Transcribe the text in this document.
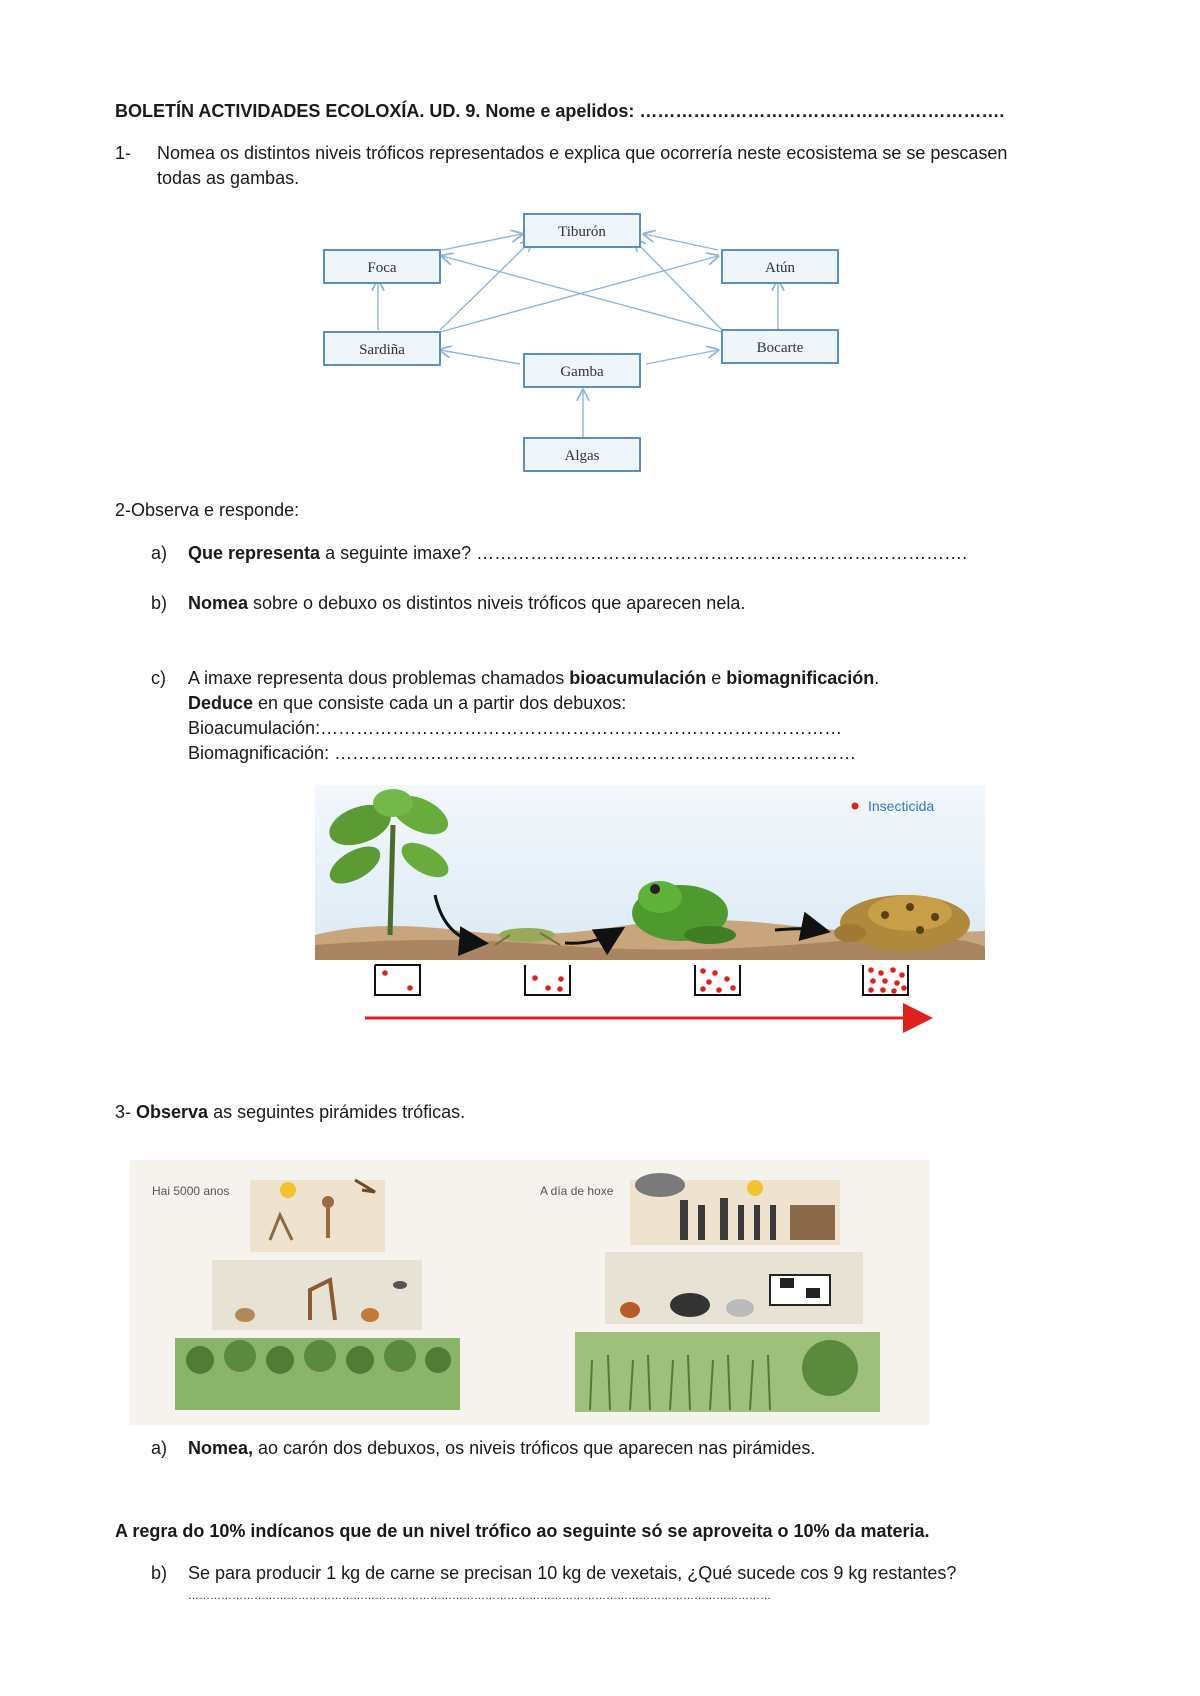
BOLETÍN ACTIVIDADES ECOLOXÍA. UD. 9. Nome e apelidos: …………………………………………………….
1- Nomea os distintos niveis tróficos representados e explica que ocorrería neste ecosistema se se pescasen
todas as gambas.
Tiburón
Foca	Atún
Sardiña	Bocarte
Gamba
Algas
2-Observa e responde:
a) Que representa a seguinte imaxe? ……………………………………………………………………….
b) Nomea sobre o debuxo os distintos niveis tróficos que aparecen nela.
c) A imaxe representa dous problemas chamados bioacumulación e biomagnificación.
Deduce en que consiste cada un a partir dos debuxos:
Bioacumulación:……………………………………………………………………………
Biomagnificación: ……………………………………………………………………………
Insecticida
3- Observa as seguintes pirámides tróficas.
Hai 5000 anos	A día de hoxe
a) Nomea, ao carón dos debuxos, os niveis tróficos que aparecen nas pirámides.
A regra do 10% indícanos que de un nivel trófico ao seguinte só se aproveita o 10% da materia.
b) Se para producir 1 kg de carne se precisan 10 kg de vexetais, ¿Qué sucede cos 9 kg restantes?
……………………………………………………………………………………………………………………………………………
